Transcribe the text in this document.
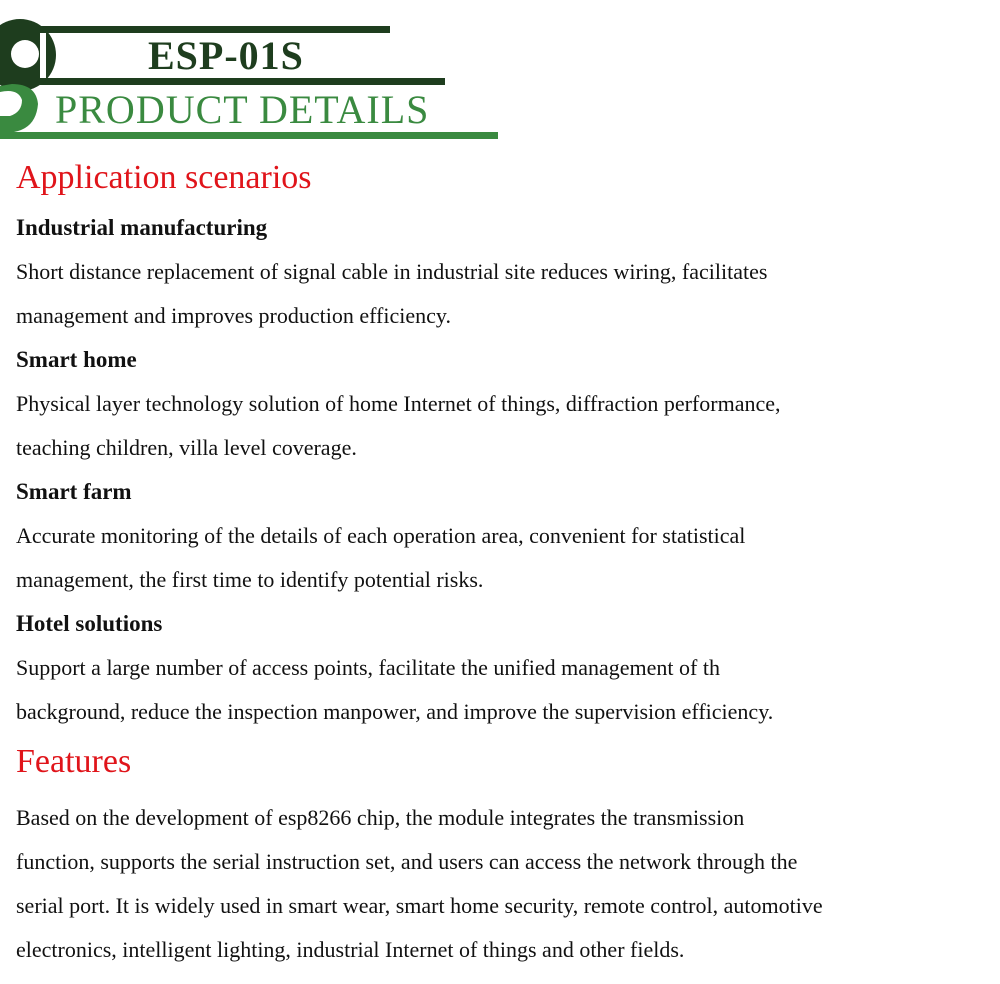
ESP-01S
PRODUCT DETAILS
Application scenarios

Industrial manufacturing

Short distance replacement of signal cable in industrial site reduces wiring, facilitates

management and improves production efficiency.

Smart home

Physical layer technology solution of home Internet of things, diffraction performance,

teaching children, villa level coverage.

Smart farm

Accurate monitoring of the details of each operation area, convenient for statistical

management, the first time to identify potential risks.

Hotel solutions

Support a large number of access points, facilitate the unified management of th

background, reduce the inspection manpower, and improve the supervision efficiency.

Features

Based on the development of esp8266 chip, the module integrates the transmission

function, supports the serial instruction set, and users can access the network through the

serial port. It is widely used in smart wear, smart home security, remote control, automotive

electronics, intelligent lighting, industrial Internet of things and other fields.
